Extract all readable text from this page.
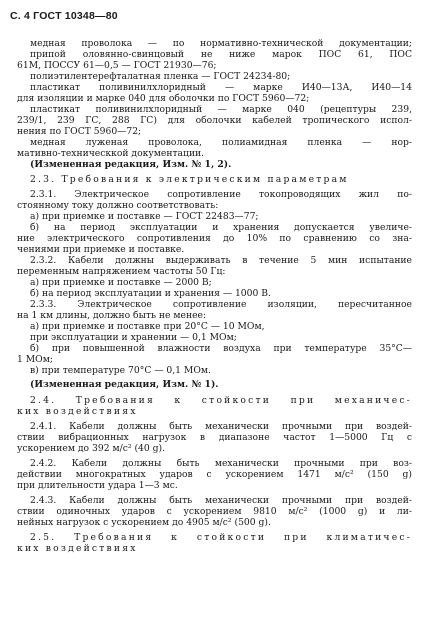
С. 4 ГОСТ 10348—80
медная проволока — по нормативно-технической документации;
припой оловянно-свинцовый не ниже марок ПОС 61, ПОС
61М, ПОССУ 61—0,5 — ГОСТ 21930—76;
полиэтилентерефталатная пленка — ГОСТ 24234-80;
пластикат поливинилхлоридный — марке И40—13А, И40—14
для изоляции и марке 040 для оболочки по ГОСТ 5960—72;
пластикат поливинилхлоридный — марке 040 (рецептуры 239,
239/1, 239 ГС, 288 ГС) для оболочки кабелей тропического испол-
нения по ГОСТ 5960—72;
медная луженая проволока, полиамидная пленка — нор-
мативно-техническкой документации.
(Измененная редакция, Изм. № 1, 2).
2.3. Требования к электрическим параметрам
2.3.1. Электрическое сопротивление токопроводящих жил по-
стоянному току должно соответствовать:
а) при приемке и поставке — ГОСТ 22483—77;
б) на период эксплуатации и хранения допускается увеличе-
ние электрического сопротивления до 10% по сравнению со зна-
чениями при приемке и поставке.
2.3.2. Кабели должны выдерживать в течение 5 мин испытание
переменным напряжением частоты 50 Гц:
а) при приемке и поставке — 2000 В;
б) на период эксплуатации и хранения — 1000 В.
2.3.3. Электрическое сопротивление изоляции, пересчитанное
на 1 км длины, должно быть не менее:
а) при приемке и поставке при 20°С — 10 МОм,
при эксплуатации и хранении — 0,1 МОм;
б) при повышенной влажности воздуха при температуре 35°С—
1 МОм;
в) при температуре 70°С — 0,1 МОм.
(Измененная редакция, Изм. № 1).
2.4. Требования к стойкости при механичес-
ких воздействиях
2.4.1. Кабели должны быть механически прочными при воздей-
ствии вибрационных нагрузок в диапазоне частот 1—5000 Гц с
ускорением до 392 м/с² (40 g).
2.4.2. Кабели должны быть механически прочными при воз-
действии многократных ударов с ускорением 1471 м/с² (150 g)
при длительности удара 1—3 мс.
2.4.3. Кабели должны быть механически прочными при воздей-
ствии одиночных ударов с ускорением 9810 м/с² (1000 g) и ли-
нейных нагрузок с ускорением до 4905 м/с² (500 g).
2.5. Требования к стойкости при климатичес-
ких воздействиях
